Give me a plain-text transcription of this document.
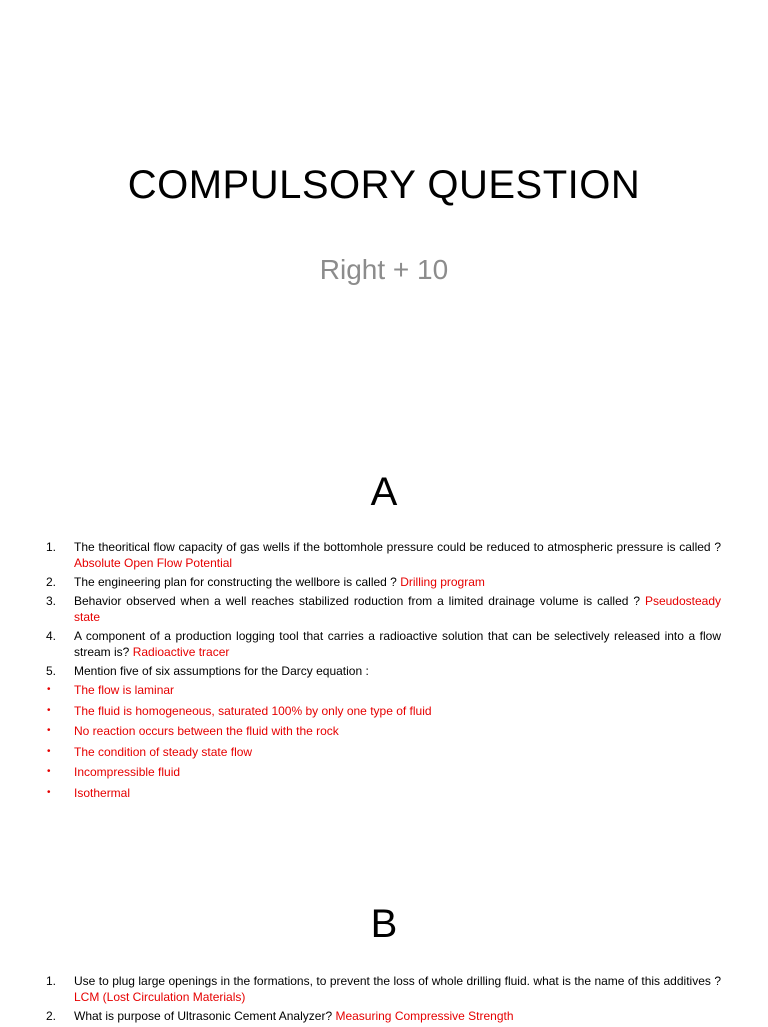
COMPULSORY QUESTION
Right + 10
A
1. The theoritical flow capacity of gas wells if the bottomhole pressure could be reduced to atmospheric pressure is called ? Absolute Open Flow Potential
2. The engineering plan for constructing the wellbore is called ? Drilling program
3. Behavior observed when a well reaches stabilized roduction from a limited drainage volume is called ? Pseudosteady state
4. A component of a production logging tool that carries a radioactive solution that can be selectively released into a flow stream is? Radioactive tracer
5. Mention five of six assumptions for the Darcy equation :
• The flow is laminar
• The fluid is homogeneous, saturated 100% by only one type of fluid
• No reaction occurs between the fluid with the rock
• The condition of steady state flow
• Incompressible fluid
• Isothermal
B
1. Use to plug large openings in the formations, to prevent the loss of whole drilling fluid. what is the name of this additives ? LCM (Lost Circulation Materials)
2. What is purpose of Ultrasonic Cement Analyzer? Measuring Compressive Strength
